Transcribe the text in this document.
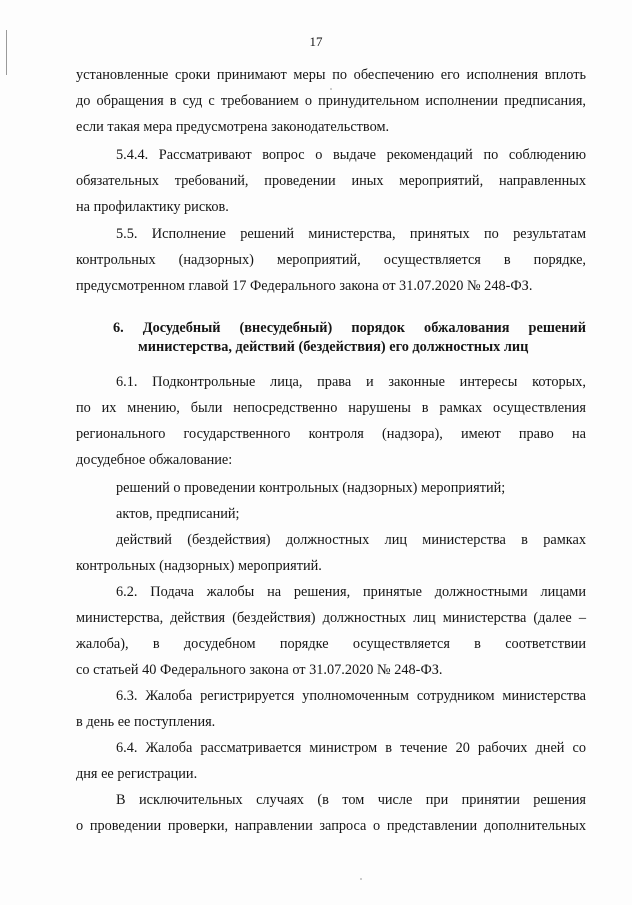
17
установленные сроки принимают меры по обеспечению его исполнения вплоть
до обращения в суд с требованием о принудительном исполнении предписания,
если такая мера предусмотрена законодательством.
5.4.4. Рассматривают вопрос о выдаче рекомендаций по соблюдению
обязательных требований, проведении иных мероприятий, направленных
на профилактику рисков.
5.5. Исполнение решений министерства, принятых по результатам
контрольных (надзорных) мероприятий, осуществляется в порядке,
предусмотренном главой 17 Федерального закона от 31.07.2020 № 248-ФЗ.
6. Досудебный (внесудебный) порядок обжалования решений
министерства, действий (бездействия) его должностных лиц
6.1. Подконтрольные лица, права и законные интересы которых,
по их мнению, были непосредственно нарушены в рамках осуществления
регионального государственного контроля (надзора), имеют право на
досудебное обжалование:
решений о проведении контрольных (надзорных) мероприятий;
актов, предписаний;
действий (бездействия) должностных лиц министерства в рамках
контрольных (надзорных) мероприятий.
6.2. Подача жалобы на решения, принятые должностными лицами
министерства, действия (бездействия) должностных лиц министерства (далее –
жалоба), в досудебном порядке осуществляется в соответствии
со статьей 40 Федерального закона от 31.07.2020 № 248-ФЗ.
6.3. Жалоба регистрируется уполномоченным сотрудником министерства
в день ее поступления.
6.4. Жалоба рассматривается министром в течение 20 рабочих дней со
дня ее регистрации.
В исключительных случаях (в том числе при принятии решения
о проведении проверки, направлении запроса о представлении дополнительных
